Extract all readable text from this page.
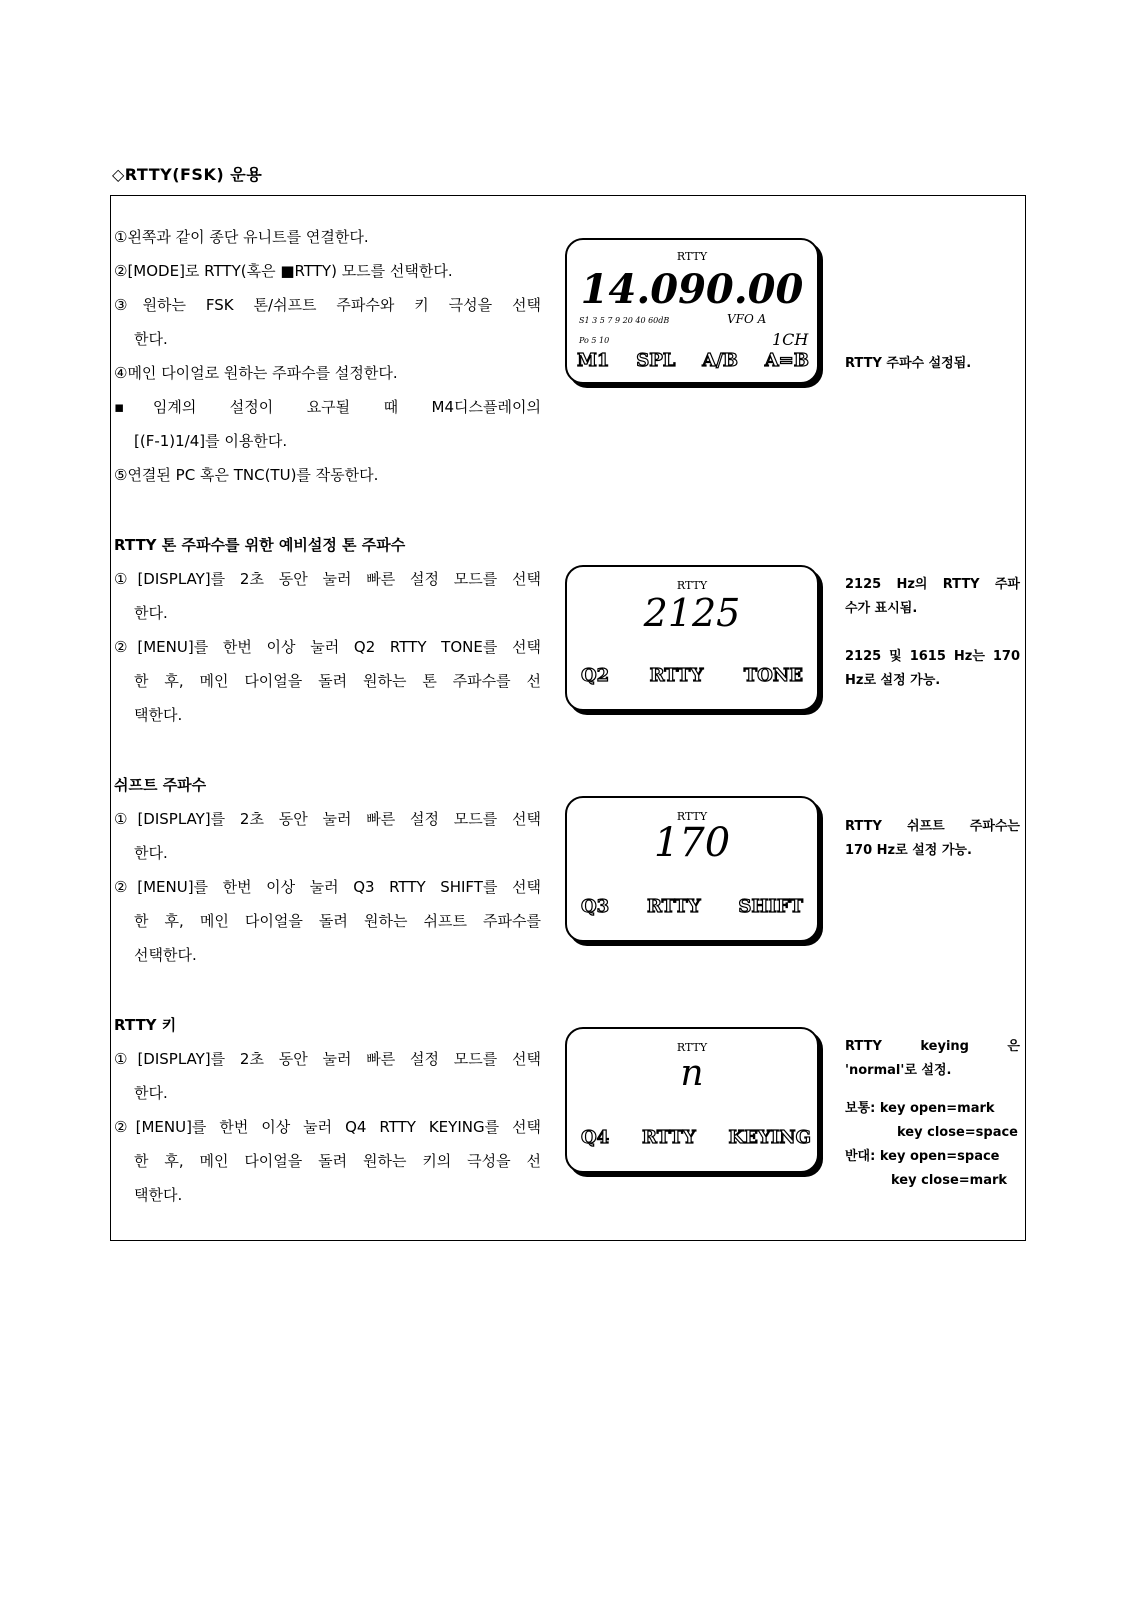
◇RTTY(FSK) 운용
①왼쪽과 같이 종단 유니트를 연결한다.
②[MODE]로 RTTY(혹은 ■RTTY) 모드를 선택한다.
③원하는 FSK 톤/쉬프트 주파수와 키 극성을 선택
한다.
④메인 다이얼로 원하는 주파수를 설정한다.
▪임계의 설정이 요구될 때 M4디스플레이의
[(F-1)1/4]를 이용한다.
⑤연결된 PC 혹은 TNC(TU)를 작동한다.
RTTY
14.090.00
S1 3 5 7 9 20 40 60dB	VFO A
Po 5 10	1CH
M1 SPL A/B A=B	RTTY 주파수 설정됨.
RTTY 톤 주파수를 위한 예비설정 톤 주파수
①[DISPLAY]를 2초 동안 눌러 빠른 설정 모드를 선택
한다.
②[MENU]를 한번 이상 눌러 Q2 RTTY TONE를 선택
한 후, 메인 다이얼을 돌려 원하는 톤 주파수를 선
택한다.
RTTY
2125
Q2 RTTY TONE
2125 Hz의 RTTY 주파
수가 표시됨.
2125 및 1615 Hz는 170
Hz로 설정 가능.
쉬프트 주파수
①[DISPLAY]를 2초 동안 눌러 빠른 설정 모드를 선택
한다.
②[MENU]를 한번 이상 눌러 Q3 RTTY SHIFT를 선택
한 후, 메인 다이얼을 돌려 원하는 쉬프트 주파수를
선택한다.
RTTY
170
Q3 RTTY SHIFT
RTTY 쉬프트 주파수는
170 Hz로 설정 가능.
RTTY 키
①[DISPLAY]를 2초 동안 눌러 빠른 설정 모드를 선택
한다.
②[MENU]를 한번 이상 눌러 Q4 RTTY KEYING를 선택
한 후, 메인 다이얼을 돌려 원하는 키의 극성을 선
택한다.
RTTY
n
Q4 RTTY KEYING
RTTY keying 은
'normal'로 설정.
보통: key open=mark
key close=space
반대: key open=space
key close=mark
